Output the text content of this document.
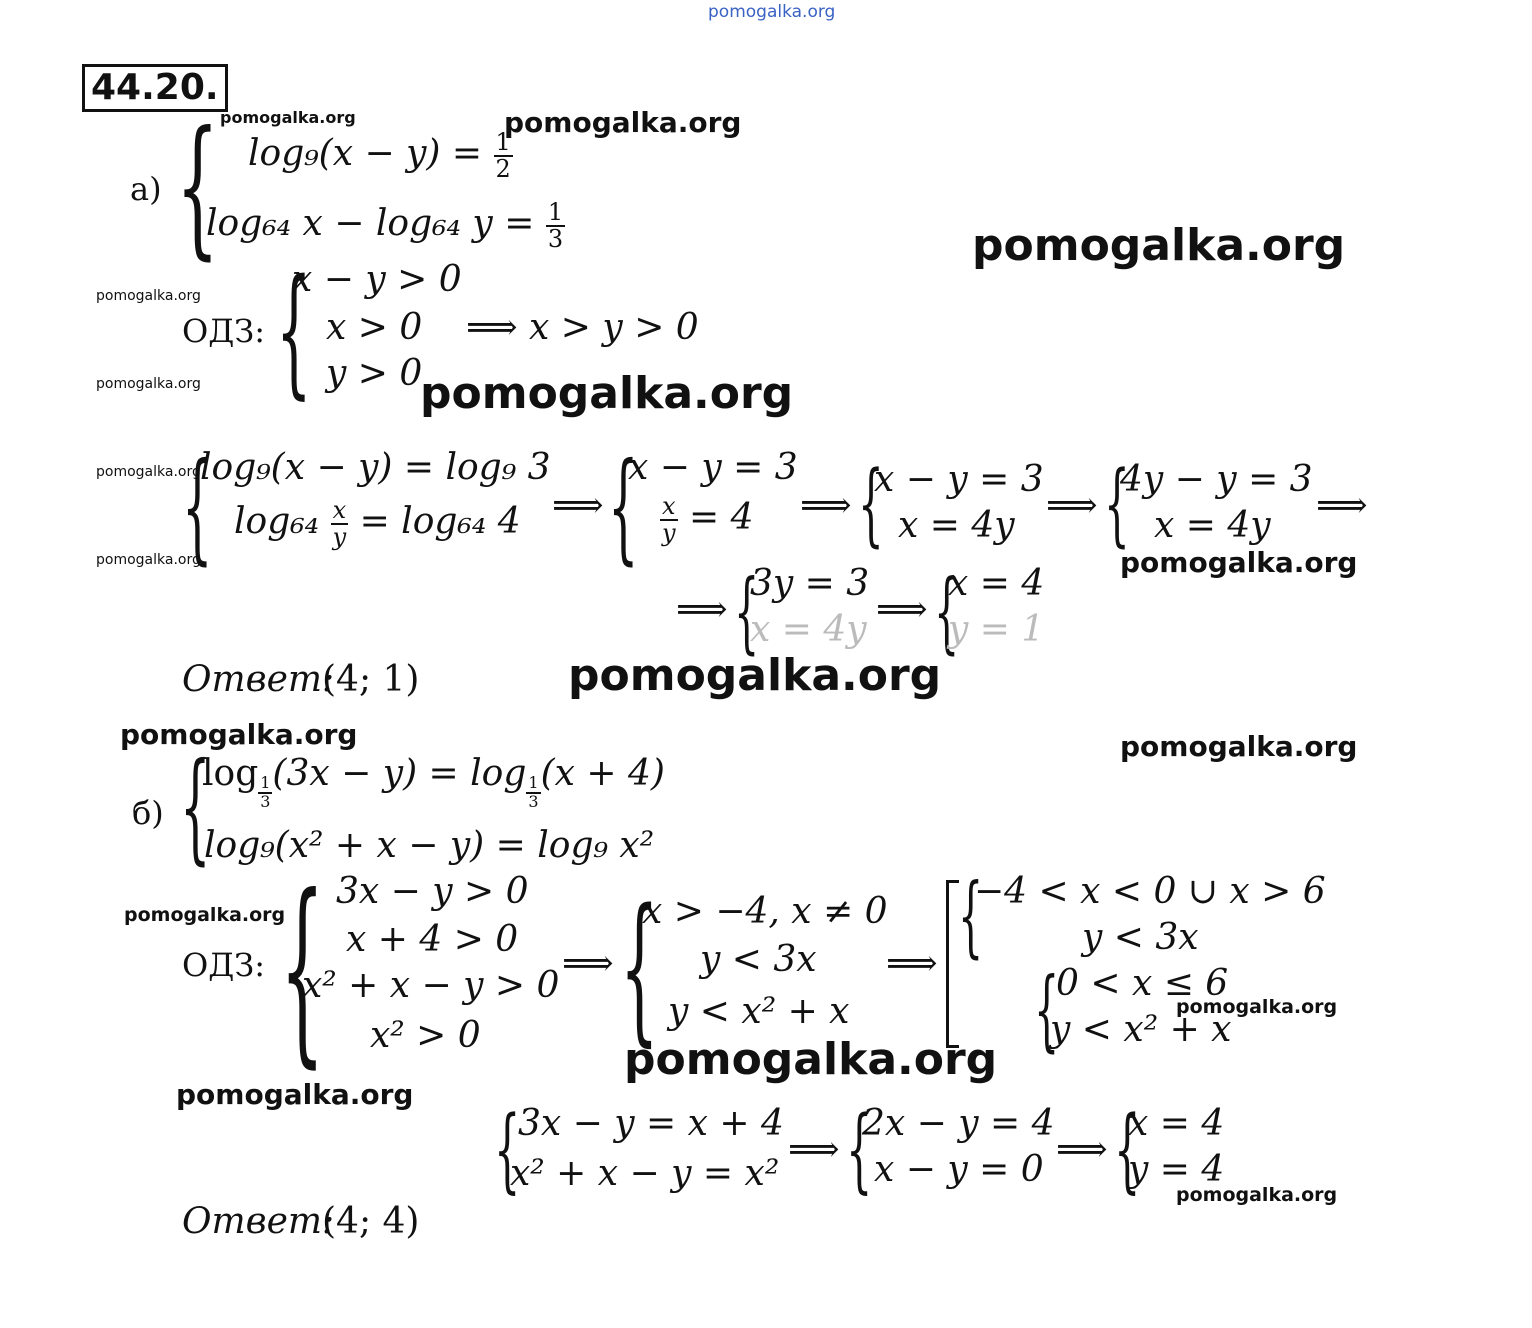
pomogalka.org
44.20.
а) { $\log_9(x - y) = \frac{1}{2}$
log₆₄ x − log₆₄ $y = \frac{1}{3}$
ОДЗ: {
x − y > 0
x > 0
y > 0
⟹ x > y > 0
{
log₉(x − y) = log₉ 3
$\log_{64} \frac{x}{y} = \log_{64}$ 4 ⟹ {
x − y = 3
$\frac{x}{y} = 4$ ⟹ {
x − y = 3
x = 4y ⟹ {
4y − y = 3
x = 4y ⟹
⟹ {
3y = 3
x = 4y ⟹ {
x = 4
y = 1
Ответ:
(4; 1)
б) {
$\log \frac{1}{3} (3x - y) = \log \frac{1}{3} (x + 4)$
log₉(x² + x − y) = log₉ x²
ОДЗ: { 3x − y > 0
x + 4 > 0
x² + x − y > 0
x² > 0
⟹ {
x > −4, x ≠ 0
y < 3x
y < x² + x
⟹ {
−4 < x < 0 ∪ x > 6
y < 3x
{
0 < x ≤ 6
y < x² + x
{
3x − y = x + 4
x² + x − y = x²
⟹ {
2x − y = 4
x − y = 0 ⟹ {
x = 4
y = 4
Ответ:
(4; 4)
pomogalka.org	pomogalka.org
pomogalka.org
pomogalka.org
pomogalka.org	pomogalka.org
pomogalka.org
pomogalka.org	pomogalka.org
pomogalka.org
pomogalka.org	pomogalka.org
pomogalka.org
pomogalka.org
pomogalka.org
pomogalka.org
pomogalka.org
